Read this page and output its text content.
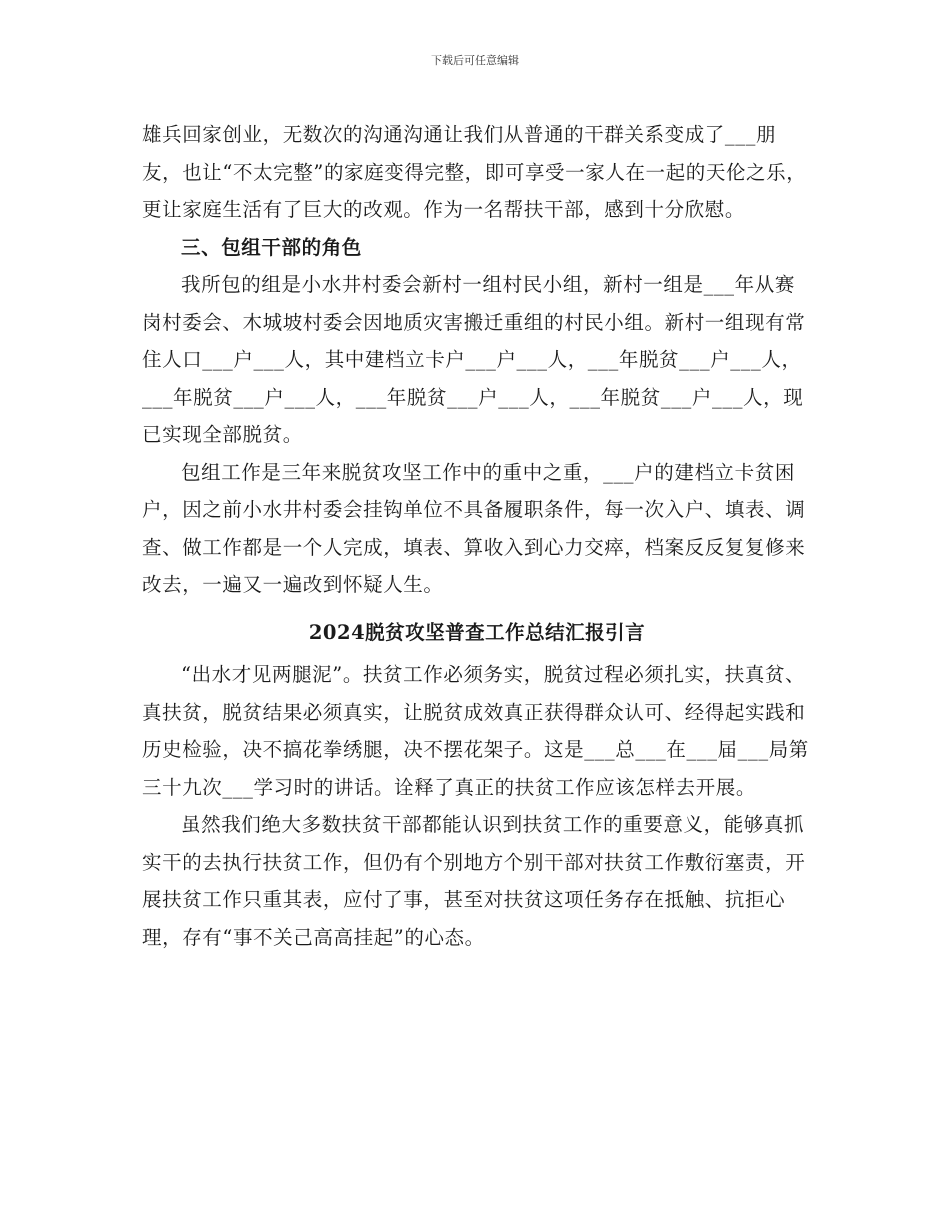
下载后可任意编辑

雄兵回家创业，无数次的沟通沟通让我们从普通的干群关系变成了___朋友，也让“不太完整”的家庭变得完整，即可享受一家人在一起的天伦之乐，更让家庭生活有了巨大的改观。作为一名帮扶干部，感到十分欣慰。

三、包组干部的角色

我所包的组是小水井村委会新村一组村民小组，新村一组是___年从赛岗村委会、木城坡村委会因地质灾害搬迁重组的村民小组。新村一组现有常住人口___户___人，其中建档立卡户___户___人，___年脱贫___户___人，___年脱贫___户___人，___年脱贫___户___人，___年脱贫___户___人，现已实现全部脱贫。

包组工作是三年来脱贫攻坚工作中的重中之重，___户的建档立卡贫困户，因之前小水井村委会挂钩单位不具备履职条件，每一次入户、填表、调查、做工作都是一个人完成，填表、算收入到心力交瘁，档案反反复复修来改去，一遍又一遍改到怀疑人生。

2024脱贫攻坚普查工作总结汇报引言

“出水才见两腿泥”。扶贫工作必须务实，脱贫过程必须扎实，扶真贫、真扶贫，脱贫结果必须真实，让脱贫成效真正获得群众认可、经得起实践和历史检验，决不搞花拳绣腿，决不摆花架子。这是___总___在___届___局第三十九次___学习时的讲话。诠释了真正的扶贫工作应该怎样去开展。

虽然我们绝大多数扶贫干部都能认识到扶贫工作的重要意义，能够真抓实干的去执行扶贫工作，但仍有个别地方个别干部对扶贫工作敷衍塞责，开展扶贫工作只重其表，应付了事，甚至对扶贫这项任务存在抵触、抗拒心理，存有“事不关己高高挂起”的心态。
